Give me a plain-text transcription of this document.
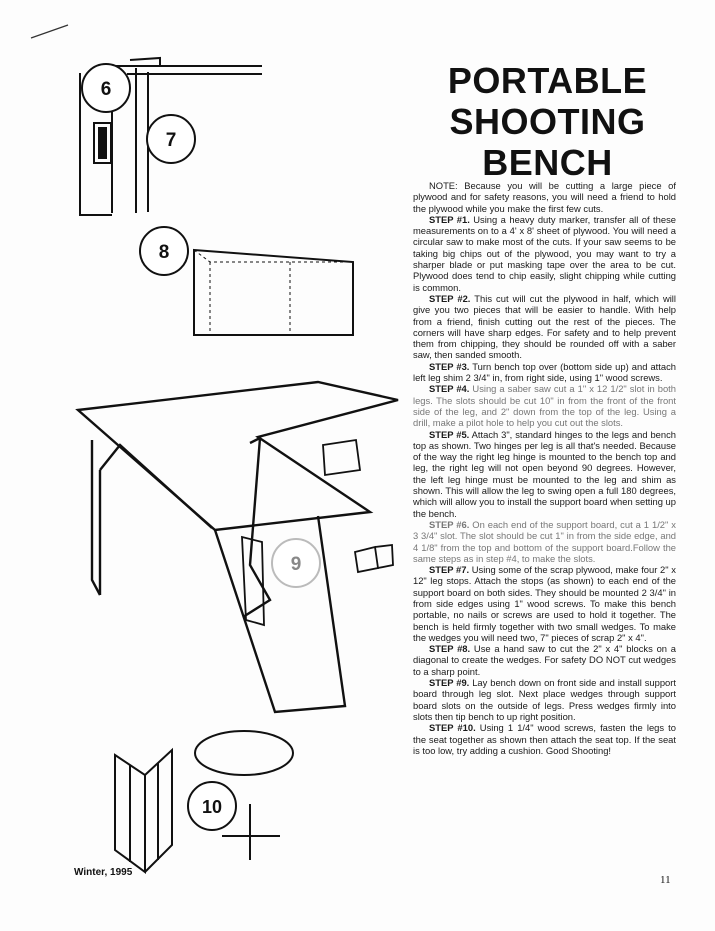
6
7
8
9
10
PORTABLE
SHOOTING
BENCH

NOTE: Because you will be cutting a large piece of plywood and for safety reasons, you will need a friend to hold the plywood while you make the first few cuts.

STEP #1. Using a heavy duty marker, transfer all of these measurements on to a 4' x 8' sheet of plywood. You will need a circular saw to make most of the cuts. If your saw seems to be taking big chips out of the plywood, you may want to try a sharper blade or put masking tape over the area to be cut. Plywood does tend to chip easily, slight chipping while cutting is common.

STEP #2. This cut will cut the plywood in half, which will give you two pieces that will be easier to handle. With help from a friend, finish cutting out the rest of the pieces. The corners will have sharp edges. For safety and to help prevent them from chipping, they should be rounded off with a saber saw, then sanded smooth.

STEP #3. Turn bench top over (bottom side up) and attach left leg shim 2 3/4" in, from right side, using 1" wood screws.

STEP #4. Using a saber saw cut a 1" x 12 1/2" slot in both legs. The slots should be cut 10" in from the front of the front side of the leg, and 2" down from the top of the leg. Using a drill, make a pilot hole to help you cut out the slots.

STEP #5. Attach 3", standard hinges to the legs and bench top as shown. Two hinges per leg is all that's needed. Because of the way the right leg hinge is mounted to the bench top and leg, the right leg will not open beyond 90 degrees. However, the left leg hinge must be mounted to the leg and shim as shown. This will allow the leg to swing open a full 180 degrees, which will allow you to install the support board when setting up the bench.

STEP #6. On each end of the support board, cut a 1 1/2" x 3 3/4" slot. The slot should be cut 1" in from the side edge, and 4 1/8" from the top and bottom of the support board.Follow the same steps as in step #4, to make the slots.

STEP #7. Using some of the scrap plywood, make four 2" x 12" leg stops. Attach the stops (as shown) to each end of the support board on both sides. They should be mounted 2 3/4" in from side edges using 1" wood screws. To make this bench portable, no nails or screws are used to hold it together. The bench is held firmly together with two small wedges. To make the wedges you will need two, 7" pieces of scrap 2" x 4".

STEP #8. Use a hand saw to cut the 2" x 4" blocks on a diagonal to create the wedges. For safety DO NOT cut wedges to a sharp point.

STEP #9. Lay bench down on front side and install support board through leg slot. Next place wedges through support board slots on the outside of legs. Press wedges firmly into slots then tip bench to up right position.

STEP #10. Using 1 1/4" wood screws, fasten the legs to the seat together as shown then attach the seat top. If the seat is too low, try adding a cushion. Good Shooting!

Winter, 1995
11
